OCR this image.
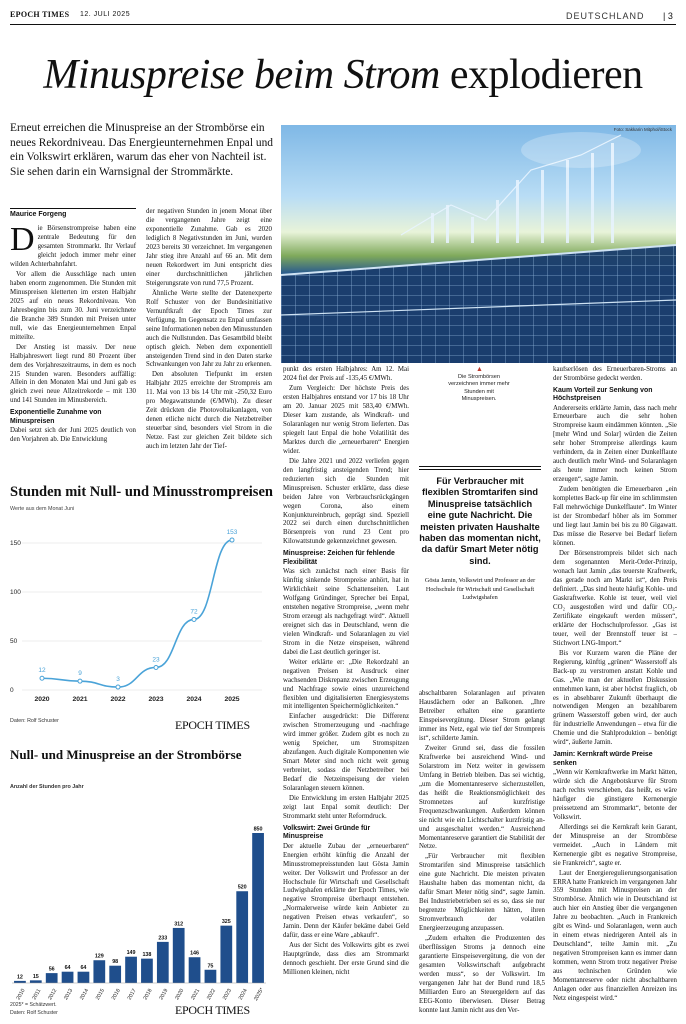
EPOCH TIMES 12. JULI 2025	DEUTSCHLAND | 3
Minuspreise beim Strom explodieren
Erneut erreichen die Minuspreise an der Strombörse ein neues Rekordniveau. Das Energieunternehmen Enpal und ein Volkswirt erklären, warum das eher von Nachteil ist. Sie sehen darin ein Warnsignal der Strommärkte.
Foto: Sakkarin Mitphol/iStock
▲
Die Strombörsen verzeichnen immer mehr Stunden mit Minuspreisen.
Maurice Forgeng

Die Börsenstrompreise haben eine zentrale Bedeutung für den gesamten Strommarkt. Ihr Verlauf gleicht jedoch immer mehr einer wilden Achterbahnfahrt.

Vor allem die Ausschläge nach unten haben enorm zugenommen. Die Stunden mit Minuspreisen kletterten im ersten Halbjahr 2025 auf ein neues Rekordniveau. Von Jahresbeginn bis zum 30. Juni verzeichnete die Branche 389 Stunden mit Preisen unter null, wie das Energieunternehmen Enpal mitteilte.

Der Anstieg ist massiv. Der neue Halbjahreswert liegt rund 80 Prozent über dem des Vorjahreszeitraums, in dem es noch 215 Stunden waren. Besonders auffällig: Allein in den Monaten Mai und Juni gab es gleich zwei neue Allzeitrekorde – mit 130 und 141 Stunden im Minusbereich.

Exponentielle Zunahme von Minuspreisen

Dabei setzt sich der Juni 2025 deutlich von den Vorjahren ab. Die Entwicklung

der negativen Stunden in jenem Monat über die vergangenen Jahre zeigt eine exponentielle Zunahme. Gab es 2020 lediglich 8 Negativstunden im Juni, wurden 2023 bereits 30 verzeichnet. Im vergangenen Jahr stieg ihre Anzahl auf 66 an. Mit dem neuen Rekordwert im Juni entspricht dies einer durchschnittlichen jährlichen Steigerungsrate von rund 77,5 Prozent.

Ähnliche Werte stellte der Datenexperte Rolf Schuster von der Bundesinitiative Vernunftkraft der Epoch Times zur Verfügung. Im Gegensatz zu Enpal umfassen seine Informationen neben den Minusstunden auch die Nullstunden. Das Gesamtbild bleibt optisch gleich. Neben dem exponentiell ansteigenden Trend sind in den Daten starke Schwankungen von Jahr zu Jahr zu erkennen.

Den absoluten Tiefpunkt im ersten Halbjahr 2025 erreichte der Strompreis am 11. Mai von 13 bis 14 Uhr mit -250,32 Euro pro Megawattstunde (€/MWh). Zu dieser Zeit drückten die Photovoltaikanlagen, von denen etliche nicht durch die Netzbetreiber steuerbar sind, besonders viel Strom in die Netze. Fast zur gleichen Zeit bildete sich auch im letzten Jahr der Tief-

Stunden mit Null- und Minusstrompreisen
Werte aus dem Monat Juni
150
100
50
0
12
2020
9
2021
3
2022
23
2023
72
2024
153
2025
Daten: Rolf Schuster	EPOCH TIMES
Null- und Minuspreise an der Strombörse
Anzahl der Stunden pro Jahr
12
2010
15
2011
56
2012
64
2013
64
2014
129
2015
98
2016
149
2017
138
2018
233
2019
312
2020
146
2021
75
2022
325
2023
520
2024
850
2025*
2025* = Schätzwert.
Daten: Rolf Schuster	EPOCH TIMES

punkt des ersten Halbjahres: Am 12. Mai 2024 fiel der Preis auf -135,45 €/MWh.

Zum Vergleich: Der höchste Preis des ersten Halbjahres entstand vor 17 bis 18 Uhr am 20. Januar 2025 mit 583,40 €/MWh. Dieser kam zustande, als Windkraft- und Solaranlagen nur wenig Strom lieferten. Das spiegelt laut Enpal die hohe Volatilität des Marktes durch die „erneuerbaren“ Energien wider.

Die Jahre 2021 und 2022 verliefen gegen den langfristig ansteigenden Trend; hier reduzierten sich die Stunden mit Minuspreisen. Schuster erklärte, dass diese beiden Jahre von Verbrauchsrückgängen wegen Corona, also einem Konjunktureinbruch, geprägt sind. Speziell 2022 sei durch einen durchschnittlichen Börsenpreis von rund 23 Cent pro Kilowattstunde gekennzeichnet gewesen.

Minuspreise: Zeichen für fehlende Flexibilität

Was sich zunächst nach einer Basis für künftig sinkende Strompreise anhört, hat in Wirklichkeit seine Schattenseiten. Laut Wolfgang Gründinger, Sprecher bei Enpal, entstehen negative Strompreise, „wenn mehr Strom erzeugt als nachgefragt wird“. Aktuell ereignet sich das in Deutschland, wenn die vielen Windkraft- und Solaranlagen zu viel Strom in die Netze einspeisen, während dabei die Last deutlich geringer ist.

Weiter erklärte er: „Die Rekordzahl an negativen Preisen ist Ausdruck einer wachsenden Diskrepanz zwischen Erzeugung und Nachfrage sowie eines unzureichend flexiblen und digitalisierten Energiesystems mit intelligenten Speichermöglichkeiten.“

Einfacher ausgedrückt: Die Differenz zwischen Stromerzeugung und -nachfrage wird immer größer. Zudem gibt es noch zu wenig Speicher, um Stromspitzen abzufangen. Auch digitale Komponenten wie Smart Meter sind noch nicht weit genug verbreitet, sodass die Netzbetreiber bei Bedarf die Netzeinspeisung der vielen Solaranlagen steuern können.

Die Entwicklung im ersten Halbjahr 2025 zeigt laut Enpal somit deutlich: Der Strommarkt steht unter Reformdruck.

Volkswirt: Zwei Gründe für Minuspreise

Der aktuelle Zubau der „erneuerbaren“ Energien erhöht künftig die Anzahl der Minusstromepreisstunden laut Gösta Jamin weiter. Der Volkswirt und Professor an der Hochschule für Wirtschaft und Gesellschaft Ludwigshafen erklärte der Epoch Times, wie negative Strompreise überhaupt entstehen. „Normalerweise würde kein Anbieter zu negativen Preisen etwas verkaufen“, so Jamin. Denn der Käufer bekäme dabei Geld dafür, dass er eine Ware „abkauft“.

Aus der Sicht des Volkswirts gibt es zwei Hauptgründe, dass dies am Strommarkt dennoch geschieht. Der erste Grund sind die Millionen kleinen, nicht

Für Verbraucher mit flexiblen Stromtarifen sind Minuspreise tatsächlich eine gute Nachricht. Die meisten privaten Haushalte haben das momentan nicht, da dafür Smart Meter nötig sind.
Gösta Jamin, Volkswirt und Professor an der Hochschule für Wirtschaft und Gesellschaft Ludwigshafen

abschaltbaren Solaranlagen auf privaten Hausdächern oder an Balkonen. „Ihre Betreiber erhalten eine garantierte Einspeisevergütung. Dieser Strom gelangt immer ins Netz, egal wie tief der Strompreis ist“, schilderte Jamin.

Zweiter Grund sei, dass die fossilen Kraftwerke bei ausreichend Wind- und Solarstrom im Netz weiter in gewissem Umfang in Betrieb bleiben. Das sei wichtig, „um die Momentanreserve sicherzustellen, das heißt die Reaktionsmöglichkeit des Stromnetzes auf kurzfristige Frequenzschwankungen. Außerdem können sie nicht wie ein Lichtschalter kurzfristig an- und ausgeschaltet werden.“ Ausreichend Momentanreserve garantiert die Stabilität der Netze.

„Für Verbraucher mit flexiblen Stromtarifen sind Minuspreise tatsächlich eine gute Nachricht. Die meisten privaten Haushalte haben das momentan nicht, da dafür Smart Meter nötig sind“, sagte Jamin. Bei Industriebetrieben sei es so, dass sie nur begrenzte Möglichkeiten hätten, ihren Stromverbrauch der volatilen Energieerzeugung anzupassen.

„Zudem erhalten die Produzenten des überflüssigen Stroms ja dennoch eine garantierte Einspeisevergütung, die von der gesamten Volkswirtschaft aufgebracht werden muss“, so der Volkswirt. Im vergangenen Jahr hat der Bund rund 18,5 Milliarden Euro an Steuergeldern auf das EEG-Konto überwiesen. Dieser Betrag konnte laut Jamin nicht aus den Ver-

kaufserlösen des Erneuerbaren-Stroms an der Strombörse gedeckt werden.

Kaum Vorteil zur Senkung von Höchstpreisen

Andererseits erklärte Jamin, dass nach mehr Erneuerbare auch die sehr hohen Strompreise kaum eindämmen könnten. „Sie [mehr Wind und Solar] würden die Zeiten sehr hoher Strompreise allerdings kaum verhindern, da in Zeiten einer Dunkelflaute auch deutlich mehr Wind- und Solaranlagen als heute immer noch keinen Strom erzeugen“, sagte Jamin.

Zudem benötigten die Erneuerbaren „ein komplettes Back-up für eine im schlimmsten Fall mehrwöchige Dunkelflaute“. Im Winter ist der Strombedarf höher als im Sommer und liegt laut Jamin bei bis zu 80 Gigawatt. Das müsse die Reserve bei Bedarf liefern können.

Der Börsenstrompreis bildet sich nach dem sogenannten Merit-Order-Prinzip, wonach laut Jamin „das teuerste Kraftwerk, das gerade noch am Markt ist“, den Preis definiert. „Das sind heute häufig Kohle- und Gaskraftwerke. Kohle ist teuer, weil viel CO₂ ausgestoßen wird und dafür CO₂-Zertifikate eingekauft werden müssen“, erklärte der Hochschulprofessor. „Gas ist teuer, weil der Brennstoff teuer ist – Stichwort LNG-Import.“

Bis vor Kurzem waren die Pläne der Regierung, künftig „grünen“ Wasserstoff als Back-up zu verstromen anstatt Kohle und Gas. „Wie man der aktuellen Diskussion entnehmen kann, ist aber höchst fraglich, ob es in absehbarer Zukunft überhaupt die notwendigen Mengen an bezahlbarem grünem Wasserstoff geben wird, der auch für industrielle Anwendungen – etwa für die Chemie und die Stahlproduktion – benötigt wird“, äußerte Jamin.

Jamin: Kernkraft würde Preise senken

„Wenn wir Kernkraftwerke im Markt hätten, würde sich die Angebotskurve für Strom nach rechts verschieben, das heißt, es wäre häufiger die günstigere Kernenergie preissetzend am Strommarkt“, betonte der Volkswirt.

Allerdings sei die Kernkraft kein Garant, der Minuspreise an der Strombörse vermeidet. „Auch in Ländern mit Kernenergie gibt es negative Strompreise, sie Frankreich“, sagte er.

Laut der Energieregulierungsorganisation ERRA hatte Frankreich im vergangenen Jahr 359 Stunden mit Minuspreisen an der Strombörse. Ähnlich wie in Deutschland ist auch hier ein Anstieg über die vergangenen Jahre zu beobachten. „Auch in Frankreich gibt es Wind- und Solaranlagen, wenn auch in einem etwas niedrigeren Anteil als in Deutschland“, teilte Jamin mit. „Zu negativen Strompreisen kann es immer dann kommen, wenn Strom trotz negativer Preise aus technischen Gründen wie Momentanreserve oder nicht abschaltbaren Anlagen oder aus finanziellen Anreizen ins Netz eingespeist wird.“
